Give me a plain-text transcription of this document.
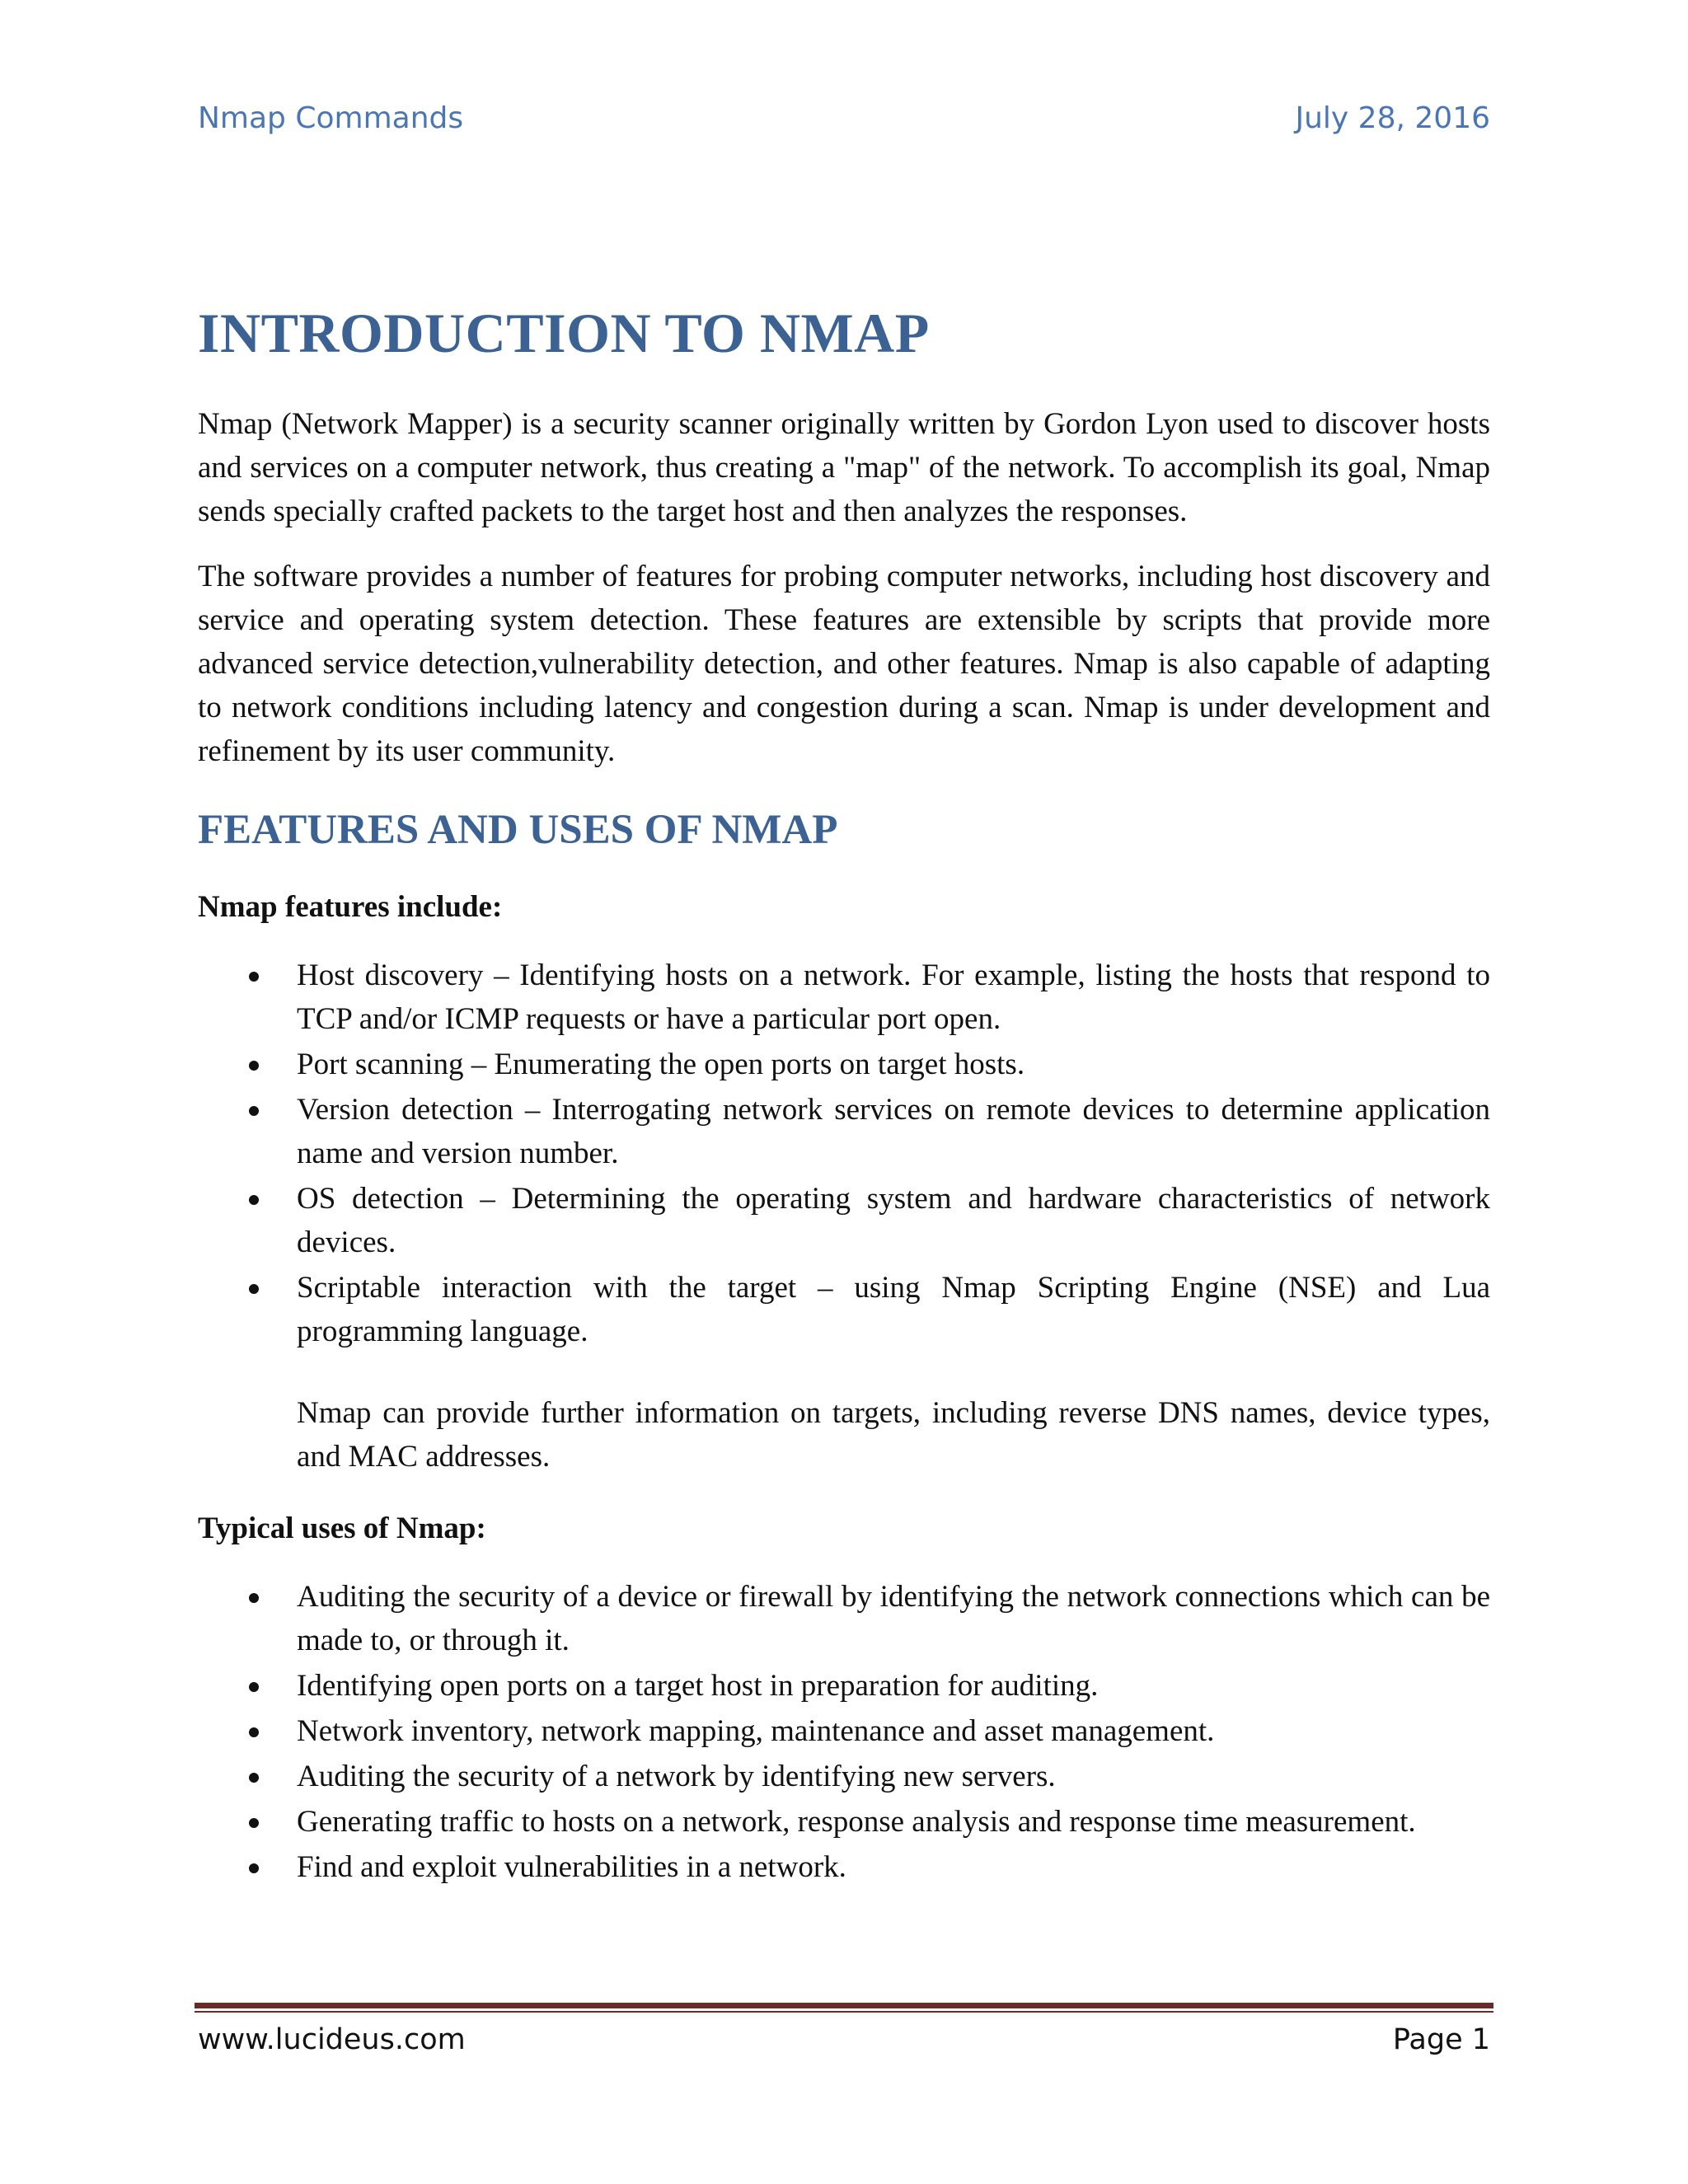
Nmap Commands	July 28, 2016
INTRODUCTION TO NMAP

Nmap (Network Mapper) is a security scanner originally written by Gordon Lyon used to discover hosts and services on a computer network, thus creating a "map" of the network. To accomplish its goal, Nmap sends specially crafted packets to the target host and then analyzes the responses.

The software provides a number of features for probing computer networks, including host discovery and service and operating system detection. These features are extensible by scripts that provide more advanced service detection,vulnerability detection, and other features. Nmap is also capable of adapting to network conditions including latency and congestion during a scan. Nmap is under development and refinement by its user community.

FEATURES AND USES OF NMAP

Nmap features include:

Host discovery – Identifying hosts on a network. For example, listing the hosts that respond to TCP and/or ICMP requests or have a particular port open.
Port scanning – Enumerating the open ports on target hosts.
Version detection – Interrogating network services on remote devices to determine application name and version number.
OS detection – Determining the operating system and hardware characteristics of network devices.
Scriptable interaction with the target – using Nmap Scripting Engine (NSE) and Lua programming language.

Nmap can provide further information on targets, including reverse DNS names, device types, and MAC addresses.

Typical uses of Nmap:

Auditing the security of a device or firewall by identifying the network connections which can be made to, or through it.
Identifying open ports on a target host in preparation for auditing.
Network inventory, network mapping, maintenance and asset management.
Auditing the security of a network by identifying new servers.
Generating traffic to hosts on a network, response analysis and response time measurement.
Find and exploit vulnerabilities in a network.
www.lucideus.com	Page 1
